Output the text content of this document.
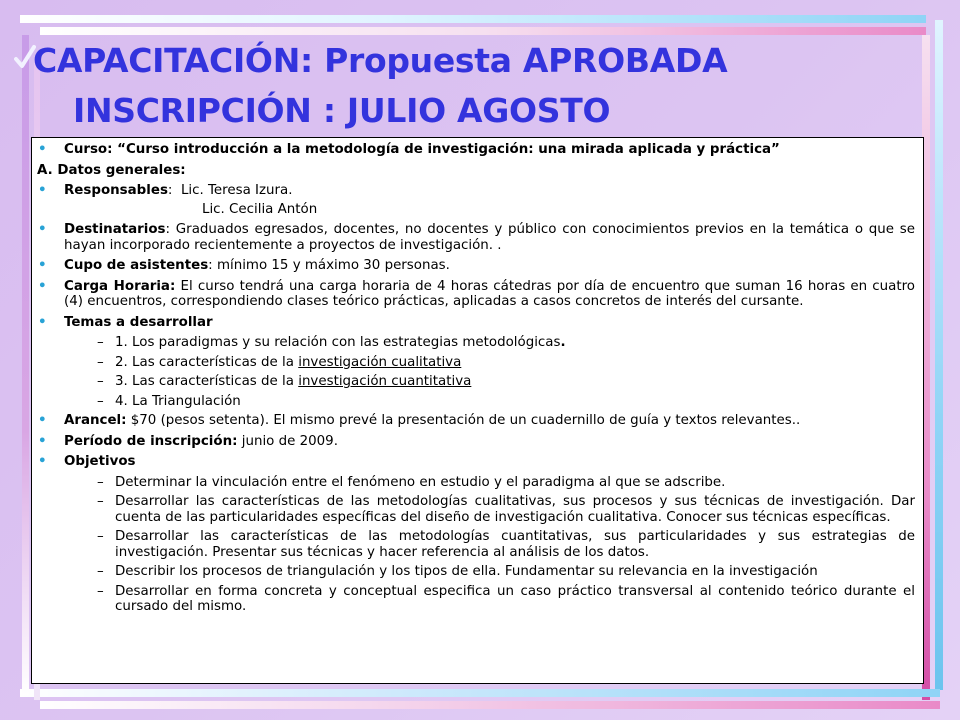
CAPACITACIÓN: Propuesta APROBADA
INSCRIPCIÓN : JULIO AGOSTO
• Curso: “Curso introducción a la metodología de investigación: una mirada aplicada y práctica”
A. Datos generales:
• Responsables: Lic. Teresa Izura.
Lic. Cecilia Antón
• Destinatarios: Graduados egresados, docentes, no docentes y público con conocimientos previos en la temática o que se hayan incorporado recientemente a proyectos de investigación. .
• Cupo de asistentes: mínimo 15 y máximo 30 personas.
• Carga Horaria: El curso tendrá una carga horaria de 4 horas cátedras por día de encuentro que suman 16 horas en cuatro (4) encuentros, correspondiendo clases teórico prácticas, aplicadas a casos concretos de interés del cursante.
• Temas a desarrollar
– 1. Los paradigmas y su relación con las estrategias metodológicas.
– 2. Las características de la investigación cualitativa
– 3. Las características de la investigación cuantitativa
– 4. La Triangulación
• Arancel: $70 (pesos setenta). El mismo prevé la presentación de un cuadernillo de guía y textos relevantes..
• Período de inscripción: junio de 2009.
• Objetivos
– Determinar la vinculación entre el fenómeno en estudio y el paradigma al que se adscribe.
– Desarrollar las características de las metodologías cualitativas, sus procesos y sus técnicas de investigación. Dar cuenta de las particularidades específicas del diseño de investigación cualitativa. Conocer sus técnicas específicas.
– Desarrollar las características de las metodologías cuantitativas, sus particularidades y sus estrategias de investigación. Presentar sus técnicas y hacer referencia al análisis de los datos.
– Describir los procesos de triangulación y los tipos de ella. Fundamentar su relevancia en la investigación
– Desarrollar en forma concreta y conceptual especifica un caso práctico transversal al contenido teórico durante el cursado del mismo.
